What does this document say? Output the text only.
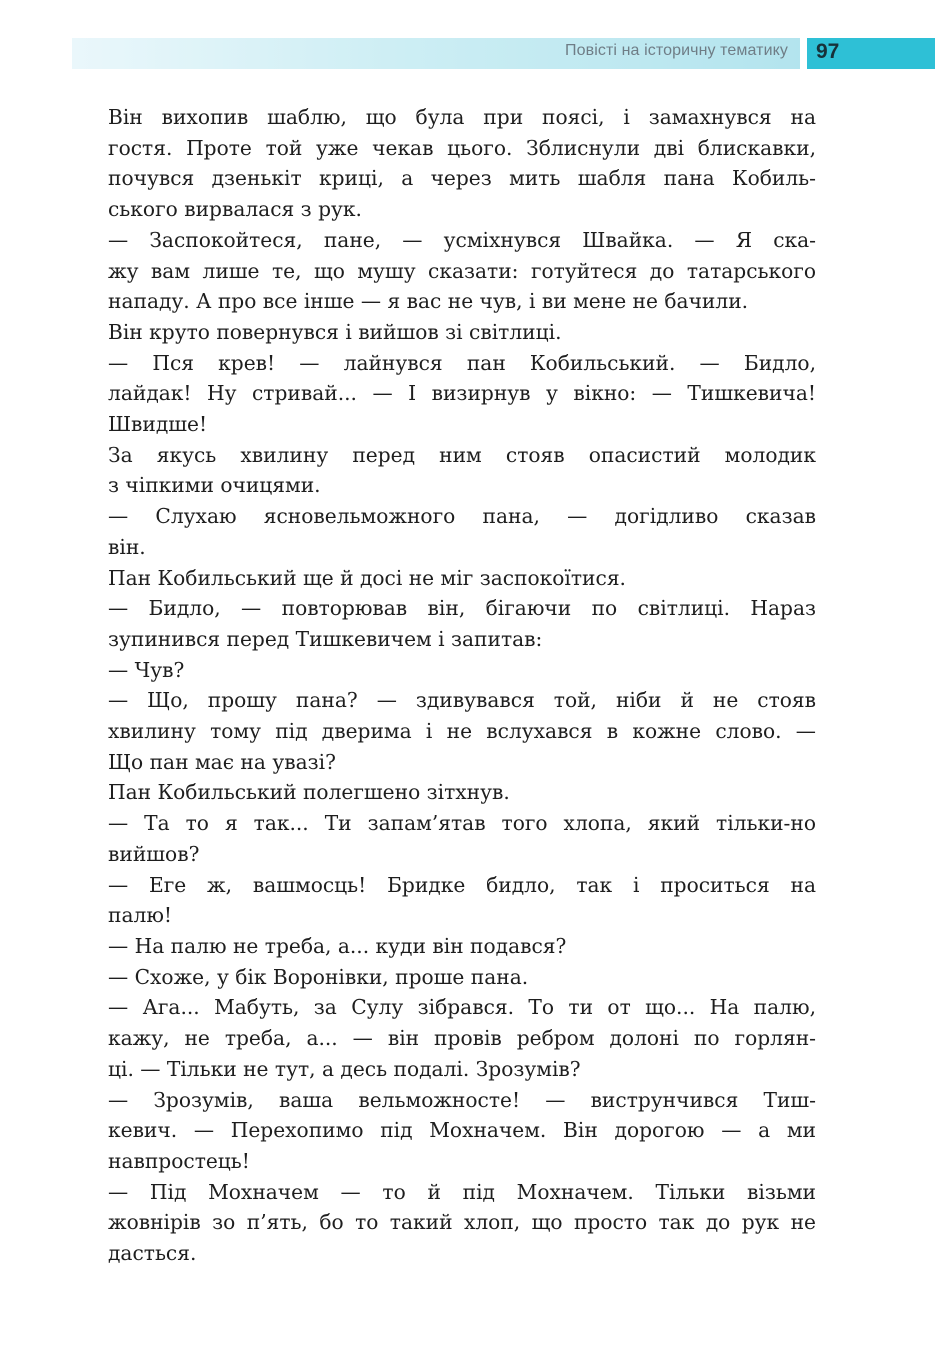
Повісті на історичну тематику 97

Він вихопив шаблю, що була при поясі, і замахнувся на
гостя. Проте той уже чекав цього. Зблиснули дві блискавки,
почувся дзенькіт криці, а через мить шабля пана Кобиль-
ського вирвалася з рук.

— Заспокойтеся, пане, — усміхнувся Швайка. — Я ска-
жу вам лише те, що мушу сказати: готуйтеся до татарського
нападу. А про все інше — я вас не чув, і ви мене не бачили.

Він круто повернувся і вийшов зі світлиці.

— Пся крев! — лайнувся пан Кобильський. — Бидло,
лайдак! Ну стривай... — І визирнув у вікно: — Тишкевича!
Швидше!

За якусь хвилину перед ним стояв опасистий молодик
з чіпкими очицями.

— Слухаю ясновельможного пана, — догідливо сказав
він.

Пан Кобильський ще й досі не міг заспокоїтися.

— Бидло, — повторював він, бігаючи по світлиці. Нараз
зупинився перед Тишкевичем і запитав:

— Чув?

— Що, прошу пана? — здивувався той, ніби й не стояв
хвилину тому під дверима і не вслухався в кожне слово. —
Що пан має на увазі?

Пан Кобильський полегшено зітхнув.

— Та то я так... Ти запам’ятав того хлопа, який тільки-но
вийшов?

— Еге ж, вашмосць! Бридке бидло, так і проситься на
палю!

— На палю не треба, а... куди він подався?

— Схоже, у бік Воронівки, проше пана.

— Ага... Мабуть, за Сулу зібрався. То ти от що... На палю,
кажу, не треба, а... — він провів ребром долоні по горлян-
ці. — Тільки не тут, а десь подалі. Зрозумів?

— Зрозумів, ваша вельможносте! — виструнчився Тиш-
кевич. — Перехопимо під Мохначем. Він дорогою — а ми
навпростець!

— Під Мохначем — то й під Мохначем. Тільки візьми
жовнірів зо п’ять, бо то такий хлоп, що просто так до рук не
дасться.
